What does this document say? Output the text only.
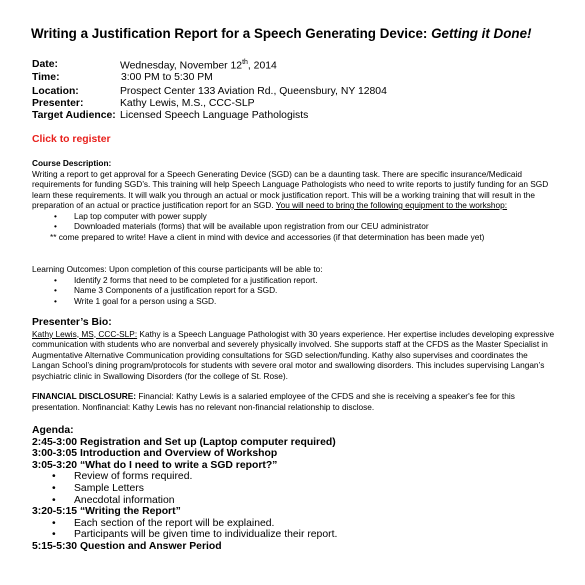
Writing a Justification Report for a Speech Generating Device: Getting it Done!
Date:	Wednesday, November 12th, 2014
Time:	3:00 PM to 5:30 PM
Location:	Prospect Center 133 Aviation Rd., Queensbury, NY 12804
Presenter:	Kathy Lewis, M.S., CCC-SLP
Target Audience: Licensed Speech Language Pathologists
Click to register

Course Description:

Writing a report to get approval for a Speech Generating Device (SGD) can be a daunting task. There are specific insurance/Medicaid requirements for funding SGD’s. This training will help Speech Language Pathologists who need to write reports to justify funding for an SGD learn these requirements. It will walk you through an actual or mock justification report. This will be a working training that will result in the preparation of an actual or practice justification report for an SGD. You will need to bring the following equipment to the workshop:

• Lap top computer with power supply

• Downloaded materials (forms) that will be available upon registration from our CEU administrator

** come prepared to write! Have a client in mind with device and accessories (if that determination has been made yet)

Learning Outcomes: Upon completion of this course participants will be able to:

• Identify 2 forms that need to be completed for a justification report.

• Name 3 Components of a justification report for a SGD.

• Write 1 goal for a person using a SGD.

Presenter’s Bio:

Kathy Lewis, MS, CCC-SLP: Kathy is a Speech Language Pathologist with 30 years experience. Her expertise includes developing expressive communication with students who are nonverbal and severely physically involved. She supports staff at the CFDS as the Master Specialist in Augmentative Alternative Communication providing consultations for SGD selection/funding. Kathy also supervises and coordinates the Langan School’s dining program/protocols for students with severe oral motor and swallowing disorders. This includes supervising Langan’s psychiatric clinic in Swallowing Disorders (for the college of St. Rose).

FINANCIAL DISCLOSURE: Financial: Kathy Lewis is a salaried employee of the CFDS and she is receiving a speaker's fee for this presentation. Nonfinancial: Kathy Lewis has no relevant non-financial relationship to disclose.

Agenda:
2:45-3:00 Registration and Set up (Laptop computer required)
3:00-3:05 Introduction and Overview of Workshop
3:05-3:20 “What do I need to write a SGD report?”
• Review of forms required.
• Sample Letters
• Anecdotal information
3:20-5:15 “Writing the Report”
• Each section of the report will be explained.
• Participants will be given time to individualize their report.
5:15-5:30 Question and Answer Period
